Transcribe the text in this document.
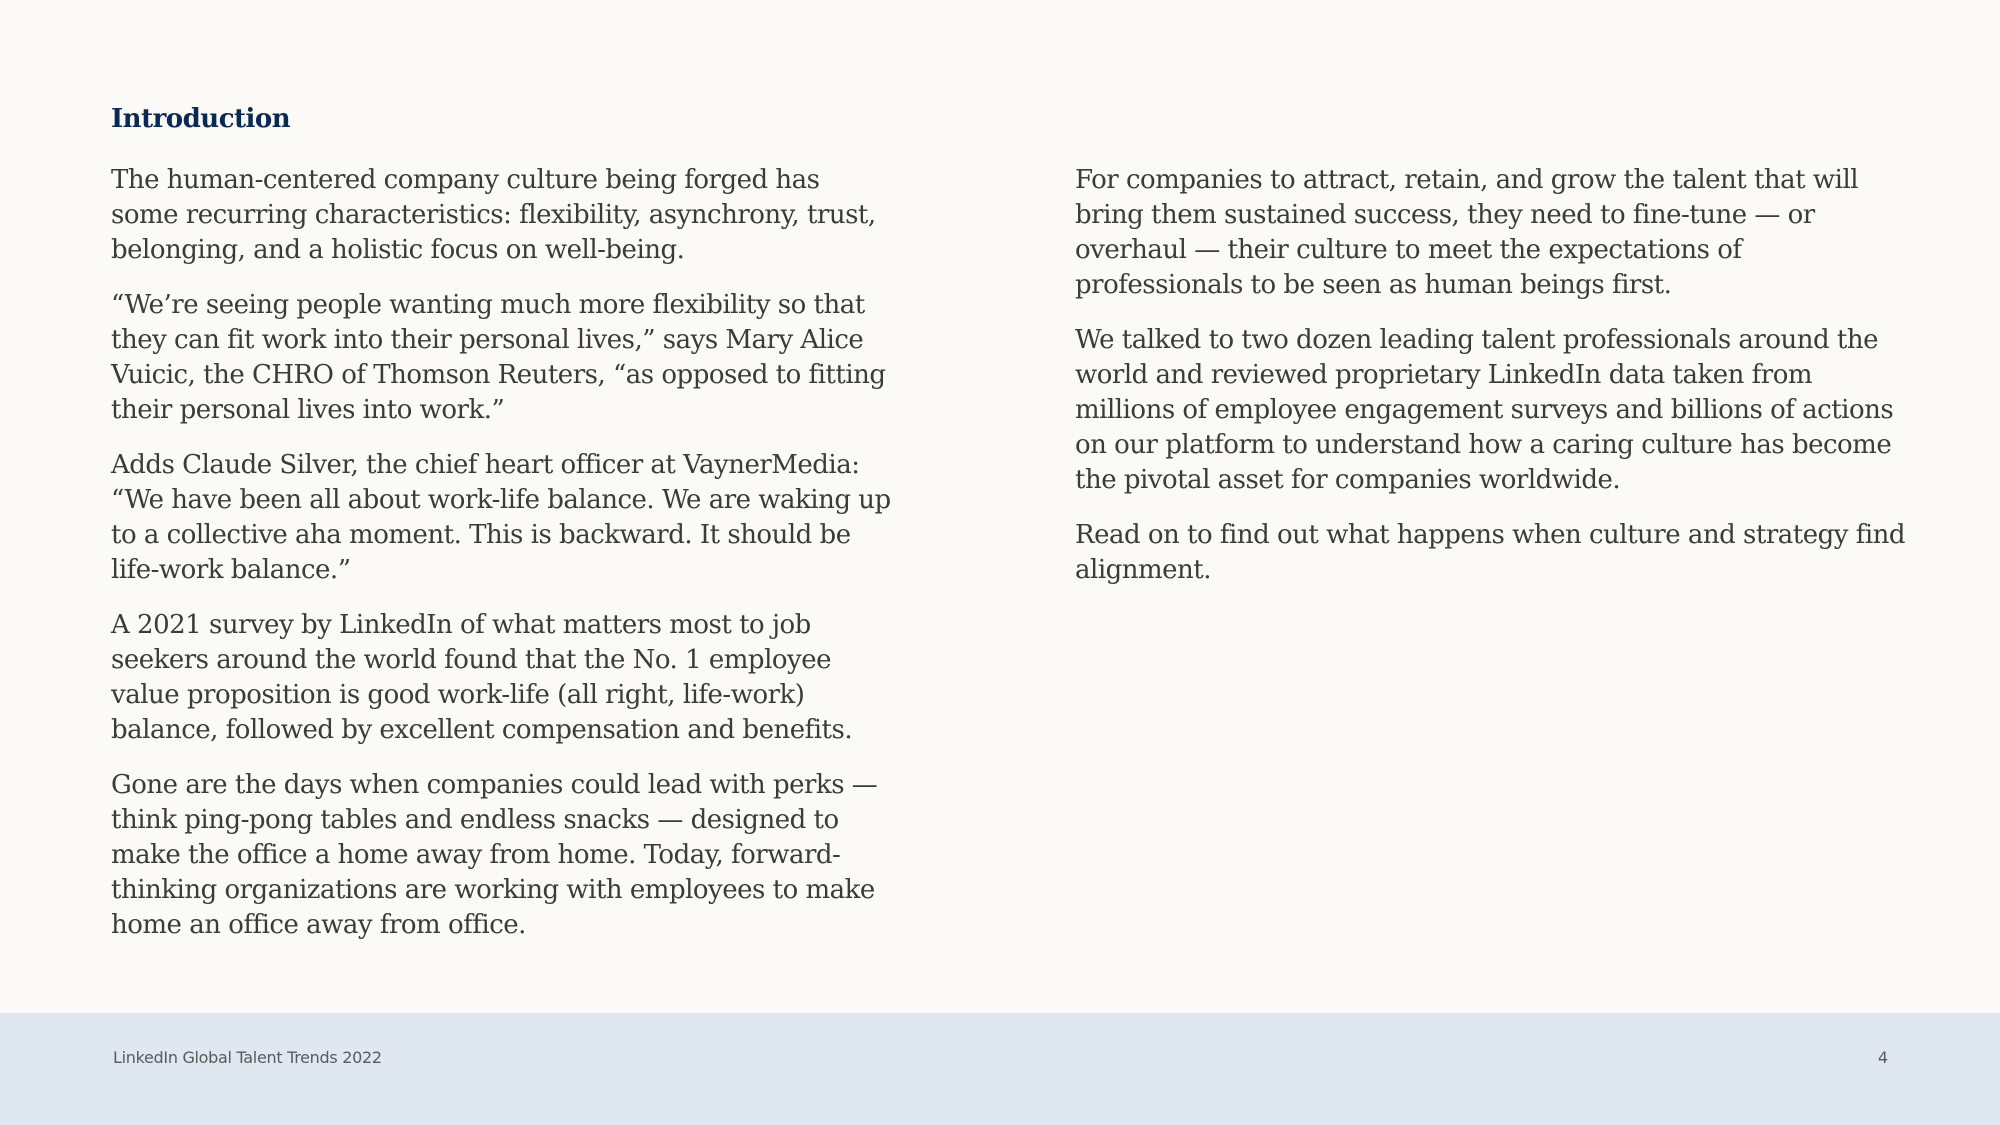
Introduction

The human-centered company culture being forged has some recurring characteristics: flexibility, asynchrony, trust, belonging, and a holistic focus on well-being.

“We’re seeing people wanting much more flexibility so that they can fit work into their personal lives,” says Mary Alice Vuicic, the CHRO of Thomson Reuters, “as opposed to fitting their personal lives into work.”

Adds Claude Silver, the chief heart officer at VaynerMedia: “We have been all about work-life balance. We are waking up to a collective aha moment. This is backward. It should be life-work balance.”

A 2021 survey by LinkedIn of what matters most to job seekers around the world found that the No. 1 employee value proposition is good work-life (all right, life-work) balance, followed by excellent compensation and benefits.

Gone are the days when companies could lead with perks — think ping-pong tables and endless snacks — designed to make the office a home away from home. Today, forward-thinking organizations are working with employees to make home an office away from office.

For companies to attract, retain, and grow the talent that will bring them sustained success, they need to fine-tune — or overhaul — their culture to meet the expectations of professionals to be seen as human beings first.

We talked to two dozen leading talent professionals around the world and reviewed proprietary LinkedIn data taken from millions of employee engagement surveys and billions of actions on our platform to understand how a caring culture has become the pivotal asset for companies worldwide.

Read on to find out what happens when culture and strategy find alignment.

LinkedIn Global Talent Trends 2022	4
